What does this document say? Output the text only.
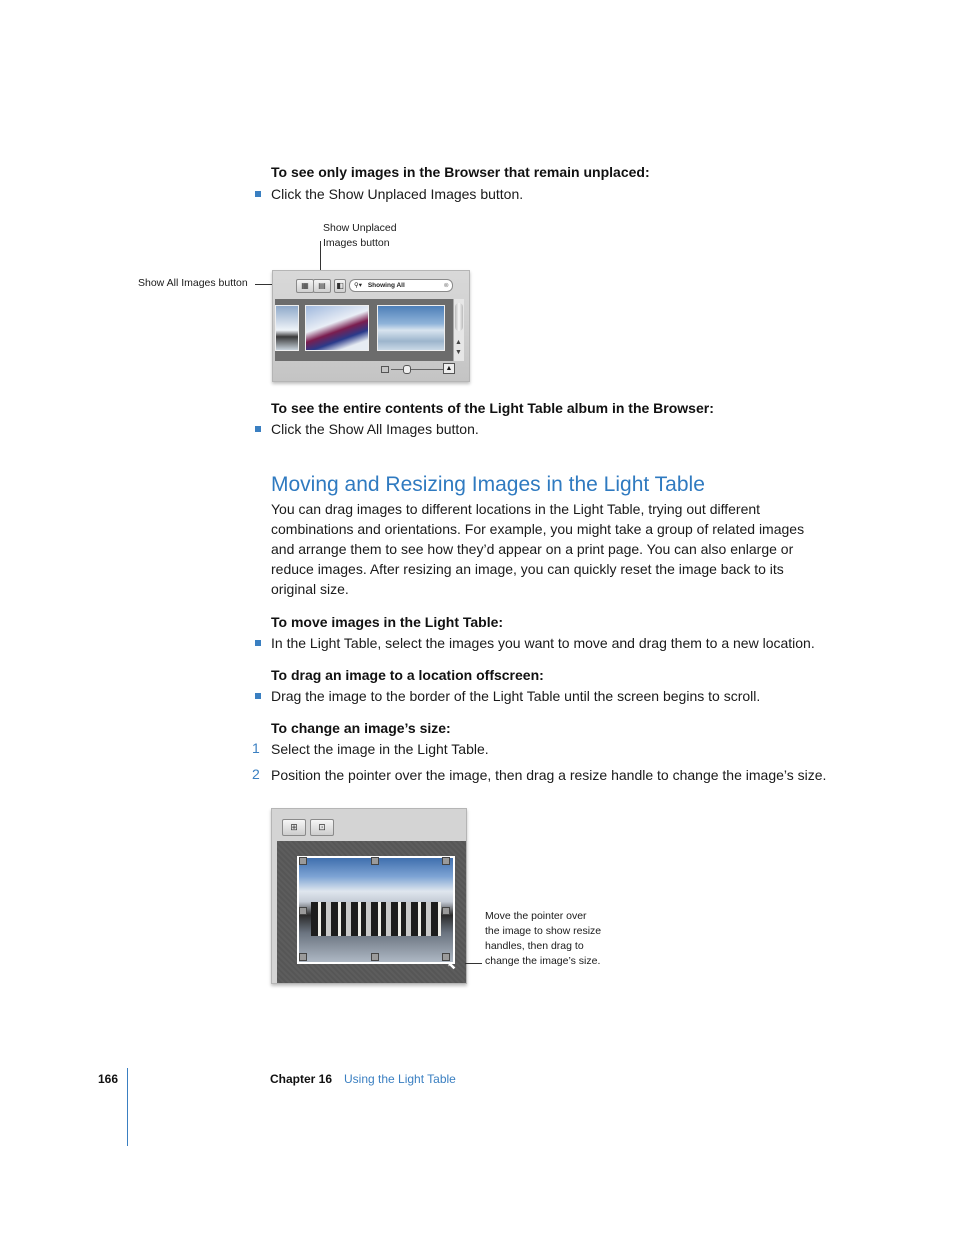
To see only images in the Browser that remain unplaced:
Click the Show Unplaced Images button.
Show Unplaced
Images button
Show All Images button	▦	▤	◧	⚲▾ Showing All	⊗
▲
▼
▲
To see the entire contents of the Light Table album in the Browser:
Click the Show All Images button.
Moving and Resizing Images in the Light Table
You can drag images to different locations in the Light Table, trying out different
combinations and orientations. For example, you might take a group of related images
and arrange them to see how they’d appear on a print page. You can also enlarge or
reduce images. After resizing an image, you can quickly reset the image back to its
original size.
To move images in the Light Table:
In the Light Table, select the images you want to move and drag them to a new location.
To drag an image to a location offscreen:
Drag the image to the border of the Light Table until the screen begins to scroll.
To change an image’s size:
1 Select the image in the Light Table.
2 Position the pointer over the image, then drag a resize handle to change the image’s size.
⊞	⊡
⬉
Move the pointer over
the image to show resize
handles, then drag to
change the image’s size.
166	Chapter 16 Using the Light Table
